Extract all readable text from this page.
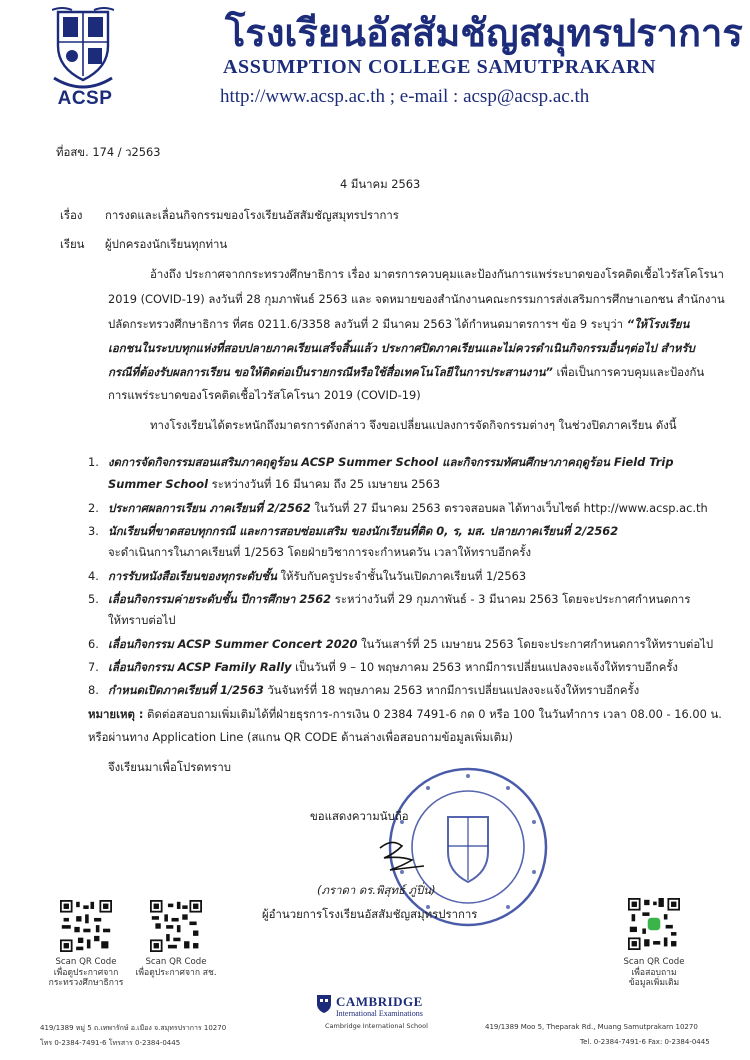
ACSP
โรงเรียนอัสสัมชัญสมุทรปราการ
ASSUMPTION COLLEGE SAMUTPRAKARN
http://www.acsp.ac.th ; e-mail : acsp@acsp.ac.th
ที่อสข. 174 / ว2563
4 มีนาคม 2563
เรื่อง การงดและเลื่อนกิจกรรมของโรงเรียนอัสสัมชัญสมุทรปราการ
เรียน ผู้ปกครองนักเรียนทุกท่าน
อ้างถึง ประกาศจากกระทรวงศึกษาธิการ เรื่อง มาตรการควบคุมและป้องกันการแพร่ระบาดของโรคติดเชื้อไวรัสโคโรนา
2019 (COVID-19) ลงวันที่ 28 กุมภาพันธ์ 2563 และ จดหมายของสำนักงานคณะกรรมการส่งเสริมการศึกษาเอกชน สำนักงาน
ปลัดกระทรวงศึกษาธิการ ที่ศธ 0211.6/3358 ลงวันที่ 2 มีนาคม 2563 ได้กำหนดมาตรการฯ ข้อ 9 ระบุว่า “ให้โรงเรียน
เอกชนในระบบทุกแห่งที่สอบปลายภาคเรียนเสร็จสิ้นแล้ว ประกาศปิดภาคเรียนและไม่ควรดำเนินกิจกรรมอื่นๆต่อไป สำหรับ
กรณีที่ต้องรับผลการเรียน ขอให้ติดต่อเป็นรายกรณีหรือใช้สื่อเทคโนโลยีในการประสานงาน” เพื่อเป็นการควบคุมและป้องกัน
การแพร่ระบาดของโรคติดเชื้อไวรัสโคโรนา 2019 (COVID-19)
ทางโรงเรียนได้ตระหนักถึงมาตรการดังกล่าว จึงขอเปลี่ยนแปลงการจัดกิจกรรมต่างๆ ในช่วงปิดภาคเรียน ดังนี้
1. งดการจัดกิจกรรมสอนเสริมภาคฤดูร้อน ACSP Summer School และกิจกรรมทัศนศึกษาภาคฤดูร้อน Field Trip
Summer School ระหว่างวันที่ 16 มีนาคม ถึง 25 เมษายน 2563
2. ประกาศผลการเรียน ภาคเรียนที่ 2/2562 ในวันที่ 27 มีนาคม 2563 ตรวจสอบผล ได้ทางเว็บไซต์ http://www.acsp.ac.th
3. นักเรียนที่ขาดสอบทุกกรณี และการสอบซ่อมเสริม ของนักเรียนที่ติด 0, ร, มส. ปลายภาคเรียนที่ 2/2562
จะดำเนินการในภาคเรียนที่ 1/2563 โดยฝ่ายวิชาการจะกำหนดวัน เวลาให้ทราบอีกครั้ง
4. การรับหนังสือเรียนของทุกระดับชั้น ให้รับกับครูประจำชั้นในวันเปิดภาคเรียนที่ 1/2563
5. เลื่อนกิจกรรมค่ายระดับชั้น ปีการศึกษา 2562 ระหว่างวันที่ 29 กุมภาพันธ์ - 3 มีนาคม 2563 โดยจะประกาศกำหนดการ
ให้ทราบต่อไป
6. เลื่อนกิจกรรม ACSP Summer Concert 2020 ในวันเสาร์ที่ 25 เมษายน 2563 โดยจะประกาศกำหนดการให้ทราบต่อไป
7. เลื่อนกิจกรรม ACSP Family Rally เป็นวันที่ 9 – 10 พฤษภาคม 2563 หากมีการเปลี่ยนแปลงจะแจ้งให้ทราบอีกครั้ง
8. กำหนดเปิดภาคเรียนที่ 1/2563 วันจันทร์ที่ 18 พฤษภาคม 2563 หากมีการเปลี่ยนแปลงจะแจ้งให้ทราบอีกครั้ง
หมายเหตุ : ติดต่อสอบถามเพิ่มเติมได้ที่ฝ่ายธุรการ-การเงิน 0 2384 7491-6 กด 0 หรือ 100 ในวันทำการ เวลา 08.00 - 16.00 น.
หรือผ่านทาง Application Line (สแกน QR CODE ด้านล่างเพื่อสอบถามข้อมูลเพิ่มเติม)
จึงเรียนมาเพื่อโปรดทราบ
ขอแสดงความนับถือ
(ภราดา ดร.พิสุทธ์ ภู่ปิ่น)
ผู้อำนวยการโรงเรียนอัสสัมชัญสมุทรปราการ
Scan QR Code
เพื่อดูประกาศจาก
กระทรวงศึกษาธิการ
Scan QR Code
เพื่อดูประกาศจาก สช.
Scan QR Code
เพื่อสอบถาม
ข้อมูลเพิ่มเติม
CAMBRIDGE
International Examinations
Cambridge International School
419/1389 หมู่ 5 ถ.เทพารักษ์ อ.เมือง จ.สมุทรปราการ 10270
โทร 0-2384-7491-6 โทรสาร 0-2384-0445
419/1389 Moo 5, Theparak Rd., Muang Samutprakarn 10270
Tel. 0-2384-7491-6 Fax: 0-2384-0445
